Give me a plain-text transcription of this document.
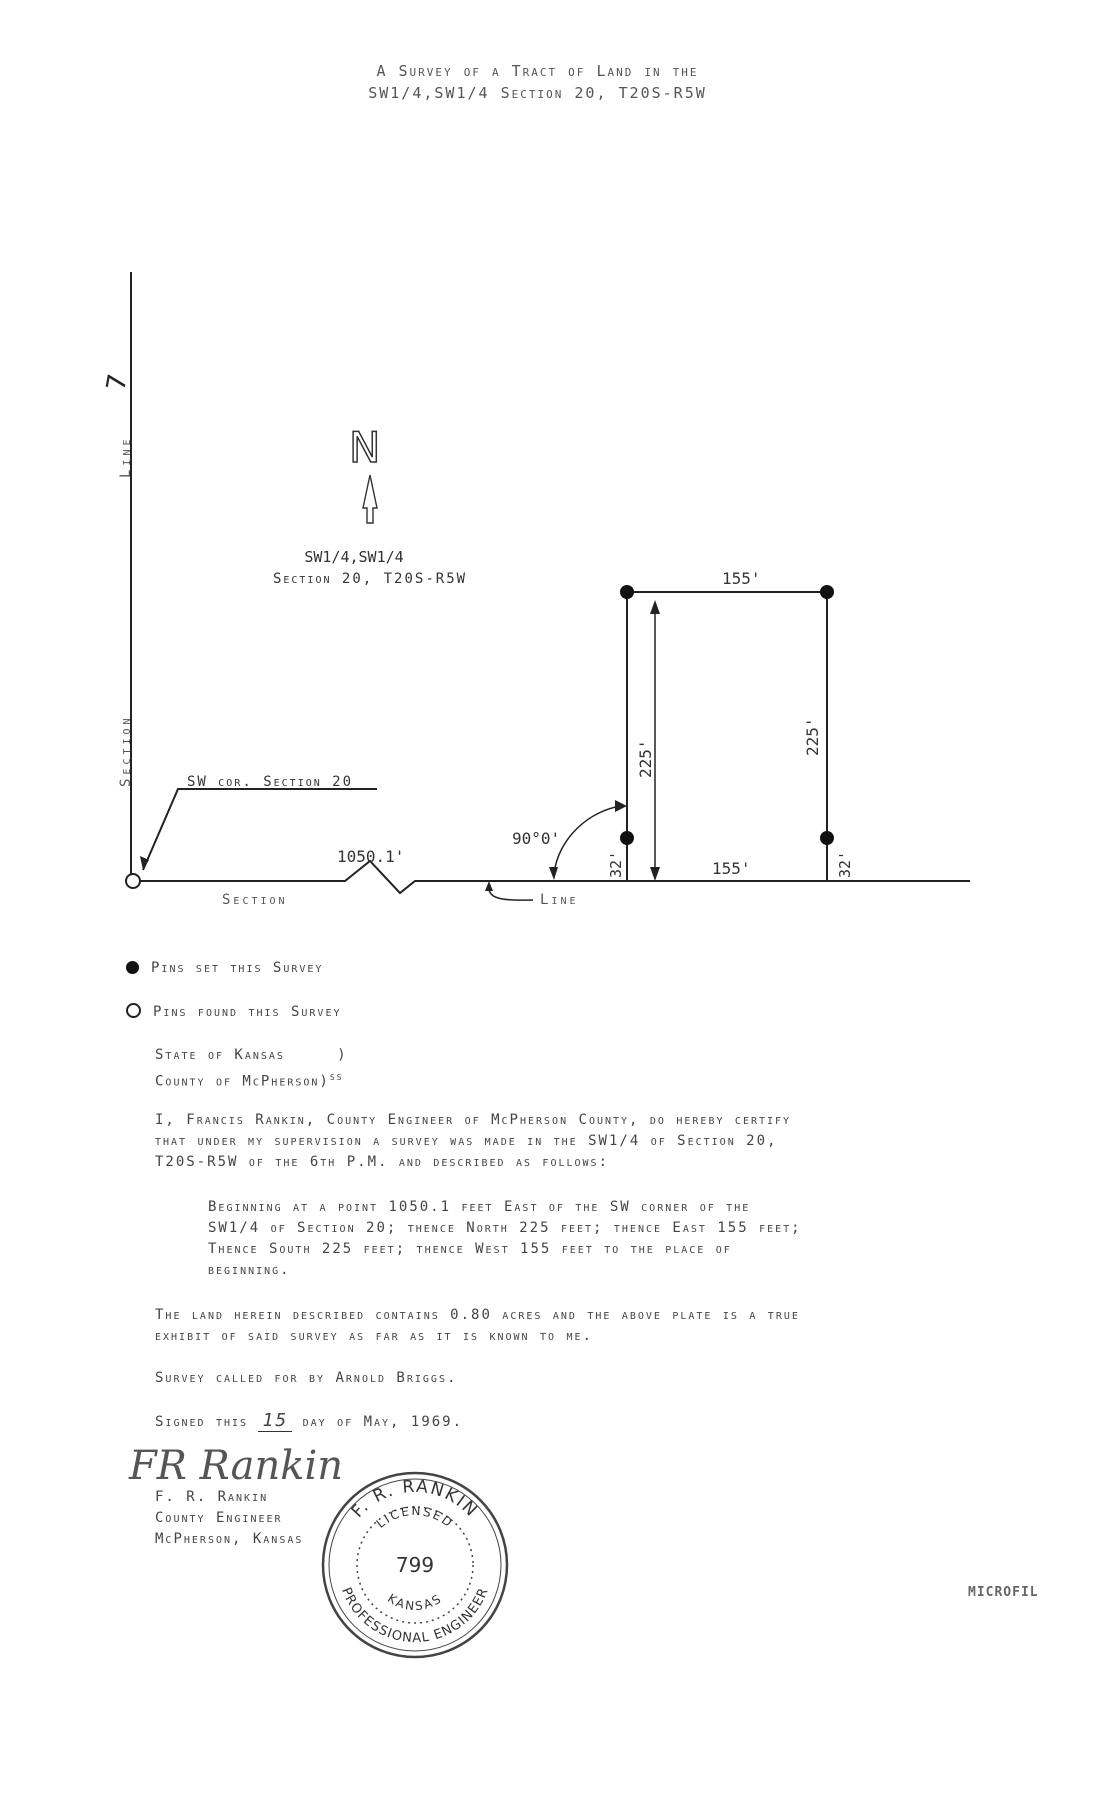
A Survey of a Tract of Land in the
SW1/4,SW1/4 Section 20, T20S-R5W
Line
Section
7
SW cor. Section 20
1050.1'
Section	Line
N
SW1/4,SW1/4
Section 20, T20S-R5W	155'
155'
225'
225'
32'	32'
90°0'
Pins set this Survey
Pins found this Survey
State of Kansas     )
County of McPherson)$^{ss}$
I, Francis Rankin, County Engineer of McPherson County, do hereby certify
that under my supervision a survey was made in the SW1/4 of Section 20,
T20S-R5W of the 6th P.M. and described as follows:
Beginning at a point 1050.1 feet East of the SW corner of the
SW1/4 of Section 20; thence North 225 feet; thence East 155 feet;
Thence South 225 feet; thence West 155 feet to the place of
beginning.
The land herein described contains 0.80 acres and the above plate is a true
exhibit of said survey as far as it is known to me.
Survey called for by Arnold Briggs.
Signed this 15 day of May, 1969.
FR Rankin
F. R. Rankin
County Engineer
McPherson, Kansas
F. R. RANKIN
PROFESSIONAL ENGINEER
LICENSED
KANSAS
799
MICROFIL
